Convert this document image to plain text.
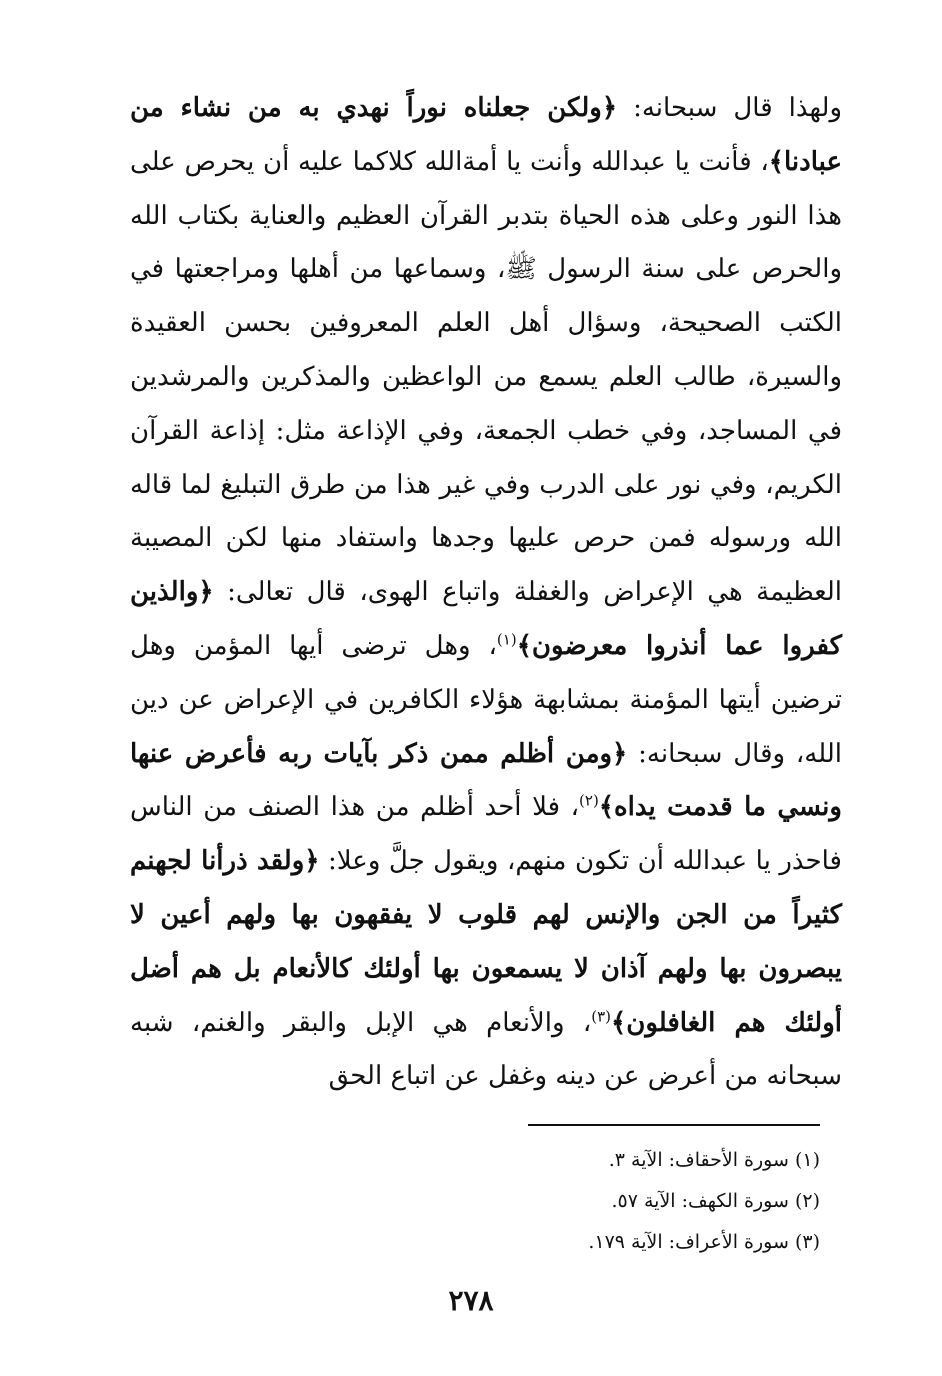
ولهذا قال سبحانه: ﴿ولكن جعلناه نوراً نهدي به من نشاء من عبادنا﴾، فأنت يا عبدالله وأنت يا أمةالله كلاكما عليه أن يحرص على هذا النور وعلى هذه الحياة بتدبر القرآن العظيم والعناية بكتاب الله والحرص على سنة الرسول ﷺ، وسماعها من أهلها ومراجعتها في الكتب الصحيحة، وسؤال أهل العلم المعروفين بحسن العقيدة والسيرة، طالب العلم يسمع من الواعظين والمذكرين والمرشدين في المساجد، وفي خطب الجمعة، وفي الإذاعة مثل: إذاعة القرآن الكريم، وفي نور على الدرب وفي غير هذا من طرق التبليغ لما قاله الله ورسوله فمن حرص عليها وجدها واستفاد منها لكن المصيبة العظيمة هي الإعراض والغفلة واتباع الهوى، قال تعالى: ﴿والذين كفروا عما أنذروا معرضون﴾$^{(١)}$، وهل ترضى أيها المؤمن وهل ترضين أيتها المؤمنة بمشابهة هؤلاء الكافرين في الإعراض عن دين الله، وقال سبحانه: ﴿ومن أظلم ممن ذكر بآيات ربه فأعرض عنها ونسي ما قدمت يداه﴾$^{(٢)}$، فلا أحد أظلم من هذا الصنف من الناس فاحذر يا عبدالله أن تكون منهم، ويقول جلَّ وعلا: ﴿ولقد ذرأنا لجهنم كثيراً من الجن والإنس لهم قلوب لا يفقهون بها ولهم أعين لا يبصرون بها ولهم آذان لا يسمعون بها أولئك كالأنعام بل هم أضل أولئك هم الغافلون﴾$^{(٣)}$، والأنعام هي الإبل والبقر والغنم، شبه سبحانه من أعرض عن دينه وغفل عن اتباع الحق
(١) سورة الأحقاف: الآية ٣.
(٢) سورة الكهف: الآية ٥٧.
(٣) سورة الأعراف: الآية ١٧٩.
٢٧٨
